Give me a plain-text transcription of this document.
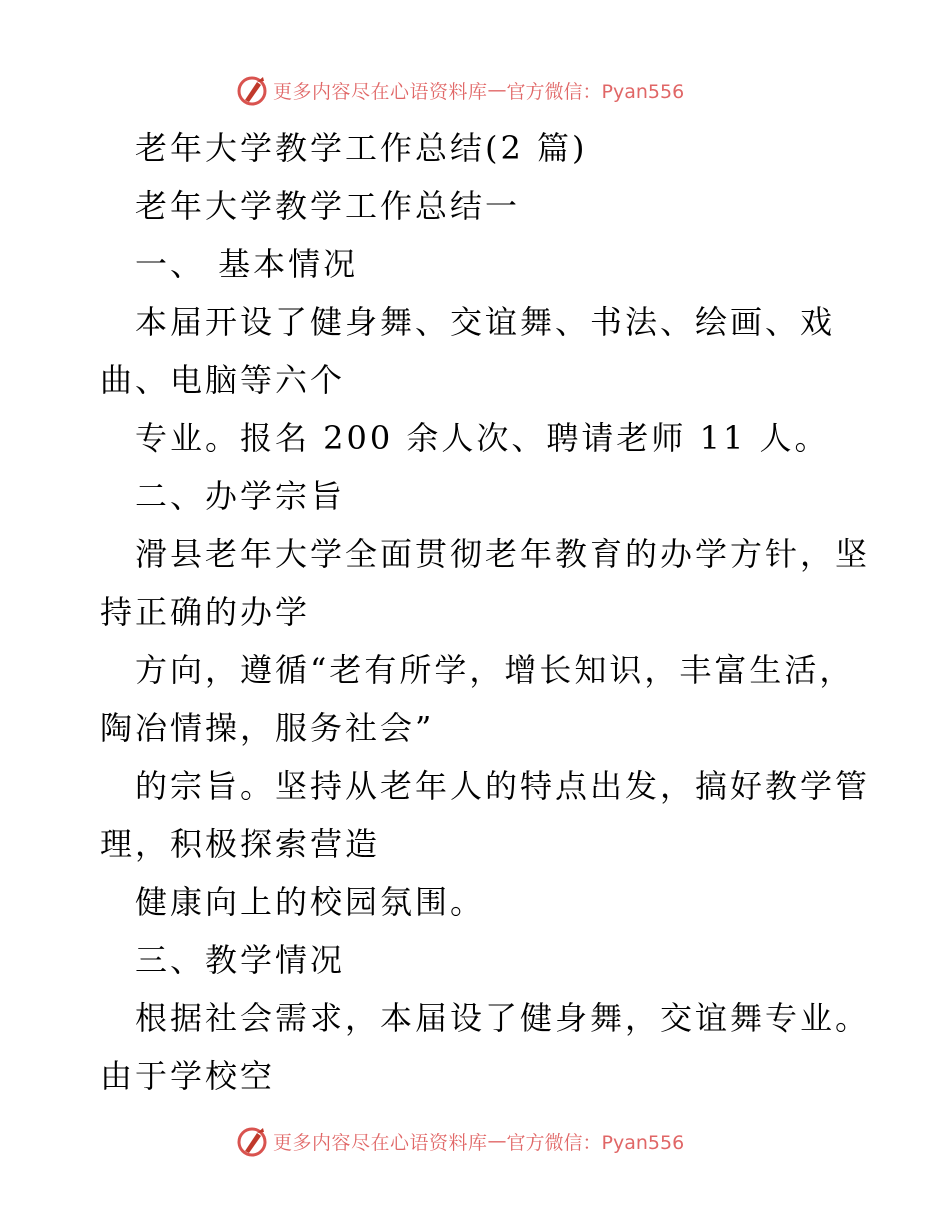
更多内容尽在心语资料库 — 官方微信：Pyan556
老年大学教学工作总结(2 篇)
老年大学教学工作总结一
一、 基本情况
本届开设了健身舞、交谊舞、书法、绘画、戏
曲、电脑等六个
专业。报名 200 余人次、聘请老师 11 人。
二、办学宗旨
滑县老年大学全面贯彻老年教育的办学方针，坚
持正确的办学
方向，遵循“老有所学，增长知识，丰富生活，
陶冶情操，服务社会”
的宗旨。坚持从老年人的特点出发，搞好教学管
理，积极探索营造
健康向上的校园氛围。
三、教学情况
根据社会需求，本届设了健身舞，交谊舞专业。
由于学校空
更多内容尽在心语资料库 — 官方微信：Pyan556
